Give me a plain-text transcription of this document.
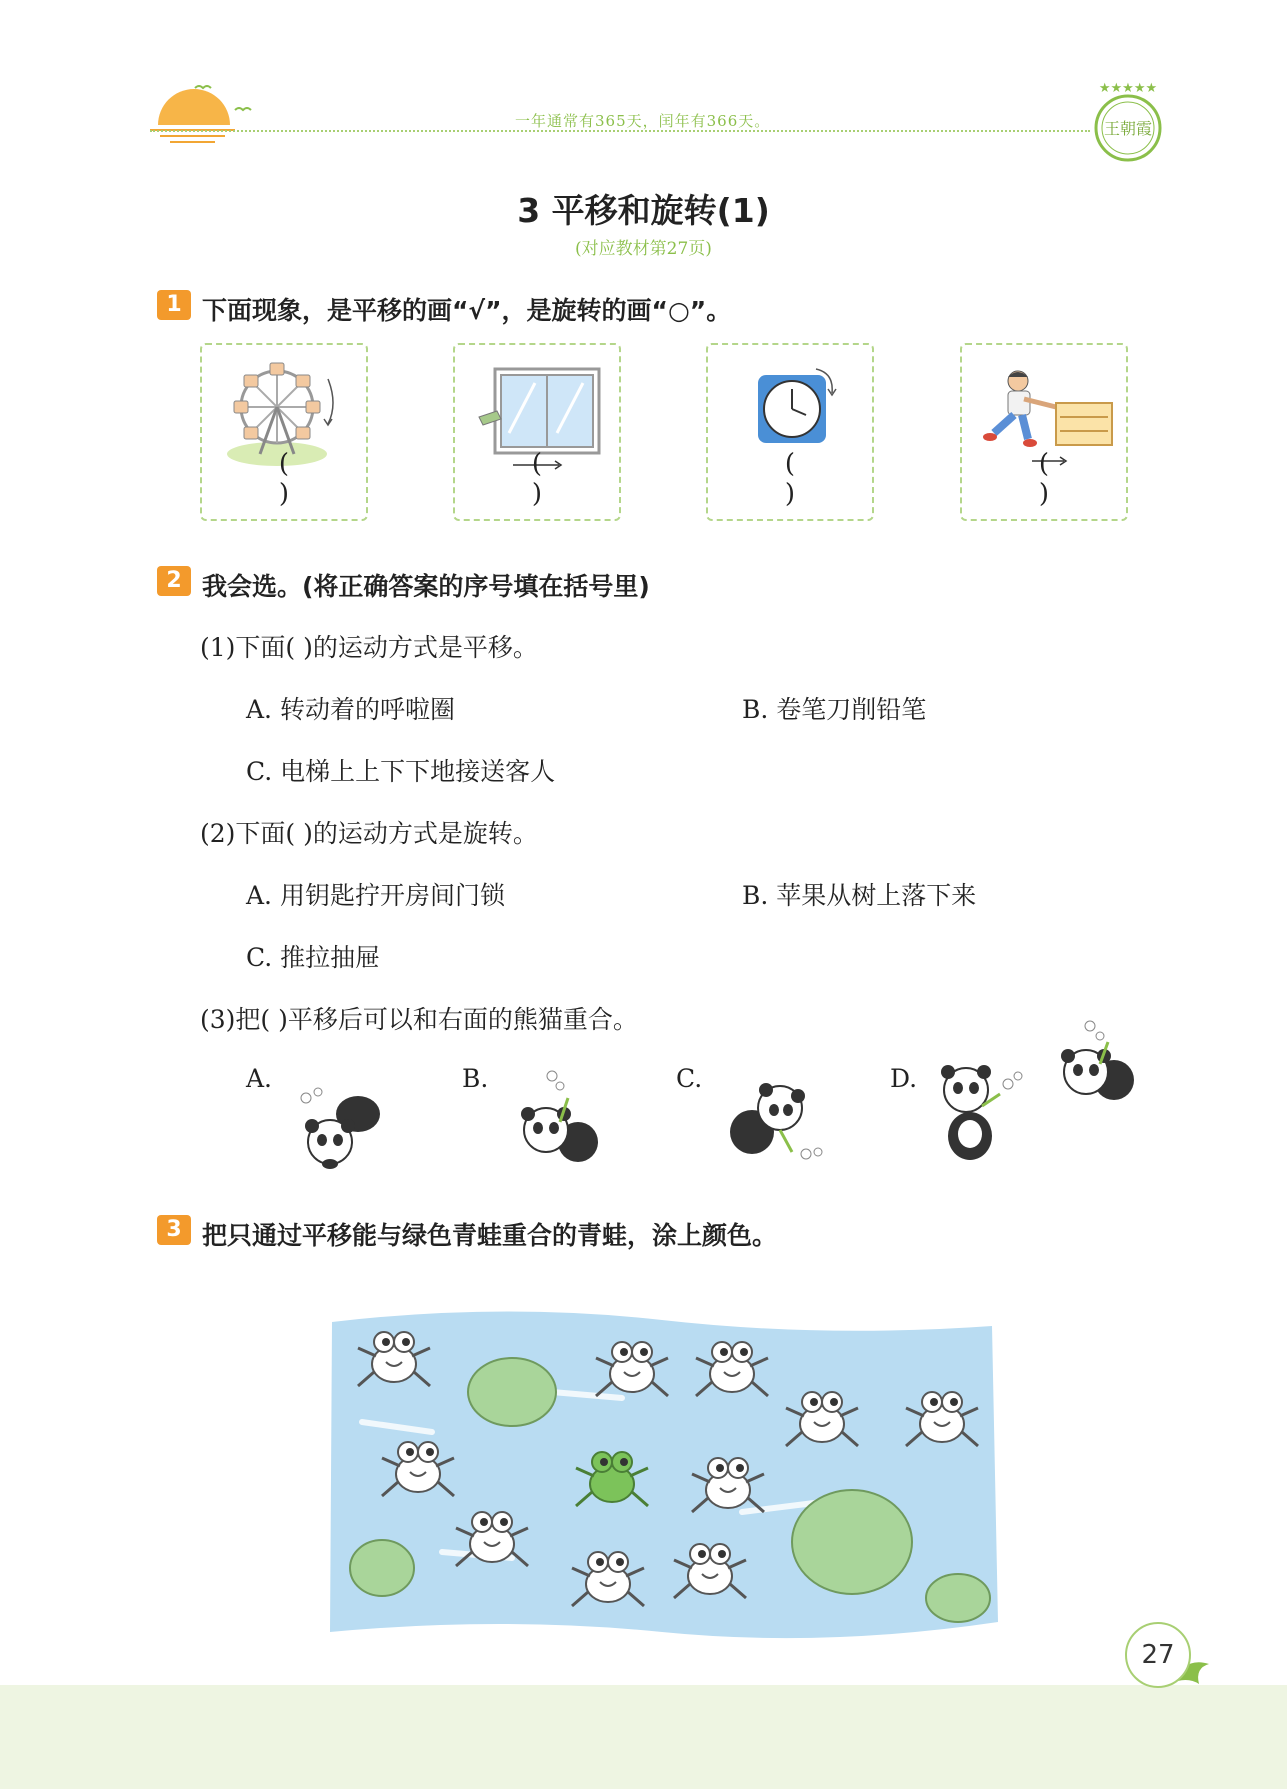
一年通常有365天，闰年有366天。
★★★★★
王朝霞
3 平移和旋转(1)
(对应教材第27页)
1 下面现象，是平移的画“√”，是旋转的画“○”。
( )
( )
( )
( )
2 我会选。(将正确答案的序号填在括号里)
(1)下面( )的运动方式是平移。
A. 转动着的呼啦圈	B. 卷笔刀削铅笔
C. 电梯上上下下地接送客人
(2)下面( )的运动方式是旋转。
A. 用钥匙拧开房间门锁	B. 苹果从树上落下来
C. 推拉抽屉
(3)把( )平移后可以和右面的熊猫重合。
A.	B.	C.	D.
3 把只通过平移能与绿色青蛙重合的青蛙，涂上颜色。
27
